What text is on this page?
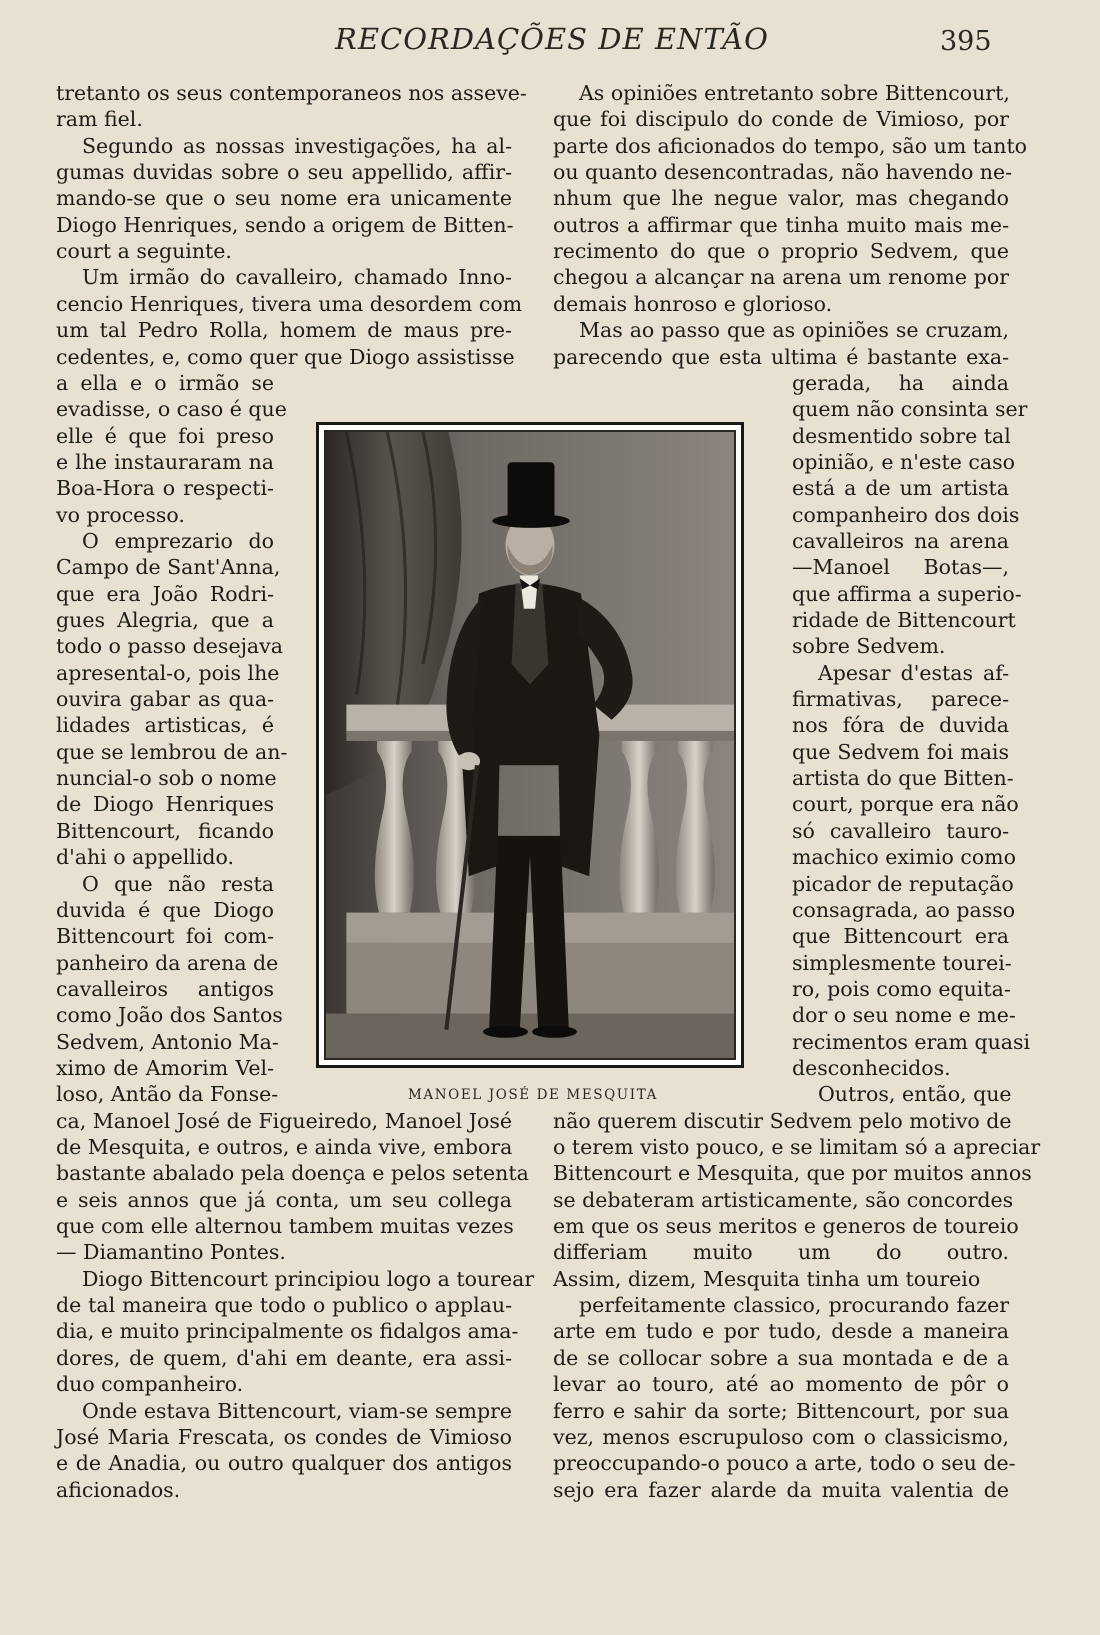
RECORDAÇÕES DE ENTÃO	395
tretanto os seus contemporaneos nos asseve-
ram fiel.
Segundo as nossas investigações, ha al-
gumas duvidas sobre o seu appellido, affir-
mando-se que o seu nome era unicamente
Diogo Henriques, sendo a origem de Bitten-
court a seguinte.
Um irmão do cavalleiro, chamado Inno-
cencio Henriques, tivera uma desordem com
um tal Pedro Rolla, homem de maus pre-
cedentes, e, como quer que Diogo assistisse
a ella e o irmão se
evadisse, o caso é que
elle é que foi preso
e lhe instauraram na
Boa-Hora o respecti-
vo processo.
O emprezario do
Campo de Sant'Anna,
que era João Rodri-
gues Alegria, que a
todo o passo desejava
apresental-o, pois lhe
ouvira gabar as qua-
lidades artisticas, é
que se lembrou de an-
nuncial-o sob o nome
de Diogo Henriques
Bittencourt, ficando
d'ahi o appellido.
O que não resta
duvida é que Diogo
Bittencourt foi com-
panheiro da arena de
cavalleiros antigos
como João dos Santos
Sedvem, Antonio Ma-
ximo de Amorim Vel-
loso, Antão da Fonse-
ca, Manoel José de Figueiredo, Manoel José
de Mesquita, e outros, e ainda vive, embora
bastante abalado pela doença e pelos setenta
e seis annos que já conta, um seu collega
que com elle alternou tambem muitas vezes
— Diamantino Pontes.
Diogo Bittencourt principiou logo a tourear
de tal maneira que todo o publico o applau-
dia, e muito principalmente os fidalgos ama-
dores, de quem, d'ahi em deante, era assi-
duo companheiro.
Onde estava Bittencourt, viam-se sempre
José Maria Frescata, os condes de Vimioso
e de Anadia, ou outro qualquer dos antigos
aficionados.
As opiniões entretanto sobre Bittencourt,
que foi discipulo do conde de Vimioso, por
parte dos aficionados do tempo, são um tanto
ou quanto desencontradas, não havendo ne-
nhum que lhe negue valor, mas chegando
outros a affirmar que tinha muito mais me-
recimento do que o proprio Sedvem, que
chegou a alcançar na arena um renome por
demais honroso e glorioso.
Mas ao passo que as opiniões se cruzam,
parecendo que esta ultima é bastante exa-
gerada, ha ainda
quem não consinta ser
desmentido sobre tal
opinião, e n'este caso
está a de um artista
companheiro dos dois
cavalleiros na arena
—Manoel Botas—,
que affirma a superio-
ridade de Bittencourt
sobre Sedvem.
Apesar d'estas af-
firmativas, parece-
nos fóra de duvida
que Sedvem foi mais
artista do que Bitten-
court, porque era não
só cavalleiro tauro-
machico eximio como
picador de reputação
consagrada, ao passo
que Bittencourt era
simplesmente tourei-
ro, pois como equita-
dor o seu nome e me-
recimentos eram quasi
desconhecidos.
Outros, então, que
não querem discutir Sedvem pelo motivo de
o terem visto pouco, e se limitam só a apreciar
Bittencourt e Mesquita, que por muitos annos
se debateram artisticamente, são concordes
em que os seus meritos e generos de toureio
differiam muito um do outro.
Assim, dizem, Mesquita tinha um toureio
perfeitamente classico, procurando fazer
arte em tudo e por tudo, desde a maneira
de se collocar sobre a sua montada e de a
levar ao touro, até ao momento de pôr o
ferro e sahir da sorte; Bittencourt, por sua
vez, menos escrupuloso com o classicismo,
preoccupando-o pouco a arte, todo o seu de-
sejo era fazer alarde da muita valentia de
MANOEL JOSÉ DE MESQUITA
